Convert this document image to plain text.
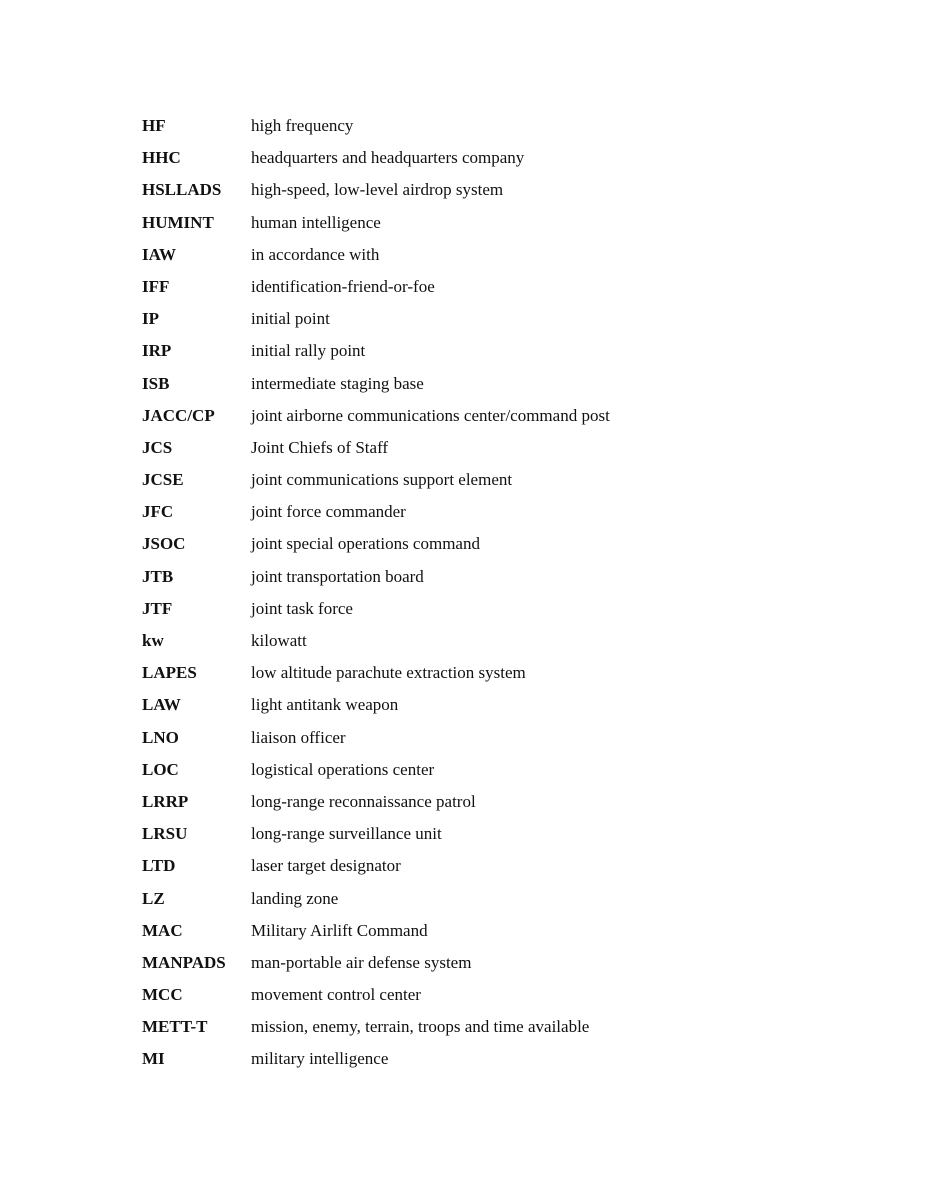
HF	high frequency
HHC	headquarters and headquarters company
HSLLADS	high-speed, low-level airdrop system
HUMINT	human intelligence
IAW	in accordance with
IFF	identification-friend-or-foe
IP	initial point
IRP	initial rally point
ISB	intermediate staging base
JACC/CP	joint airborne communications center/command post
JCS	Joint Chiefs of Staff
JCSE	joint communications support element
JFC	joint force commander
JSOC	joint special operations command
JTB	joint transportation board
JTF	joint task force
kw	kilowatt
LAPES	low altitude parachute extraction system
LAW	light antitank weapon
LNO	liaison officer
LOC	logistical operations center
LRRP	long-range reconnaissance patrol
LRSU	long-range surveillance unit
LTD	laser target designator
LZ	landing zone
MAC	Military Airlift Command
MANPADS	man-portable air defense system
MCC	movement control center
METT-T	mission, enemy, terrain, troops and time available
MI	military intelligence
